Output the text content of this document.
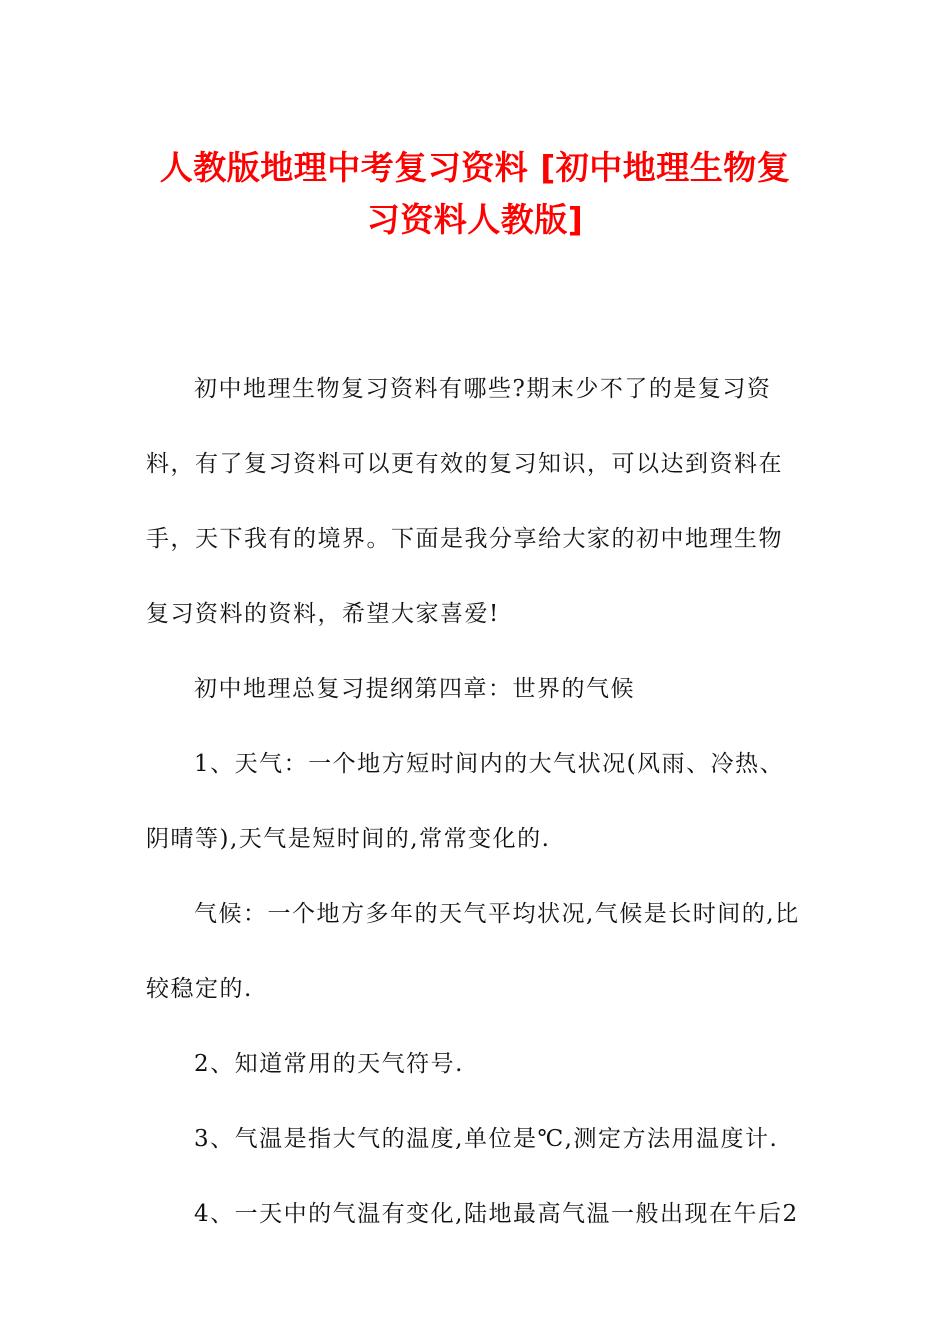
人教版地理中考复习资料 [初中地理生物复习资料人教版]

初中地理生物复习资料有哪些?期末少不了的是复习资料，有了复习资料可以更有效的复习知识，可以达到资料在手，天下我有的境界。下面是我分享给大家的初中地理生物复习资料的资料，希望大家喜爱!

初中地理总复习提纲第四章：世界的气候

1、天气：一个地方短时间内的大气状况(风雨、冷热、阴晴等),天气是短时间的,常常变化的.

气候：一个地方多年的天气平均状况,气候是长时间的,比较稳定的.

2、知道常用的天气符号.

3、气温是指大气的温度,单位是℃,测定方法用温度计.

4、一天中的气温有变化,陆地最高气温一般出现在午后2
